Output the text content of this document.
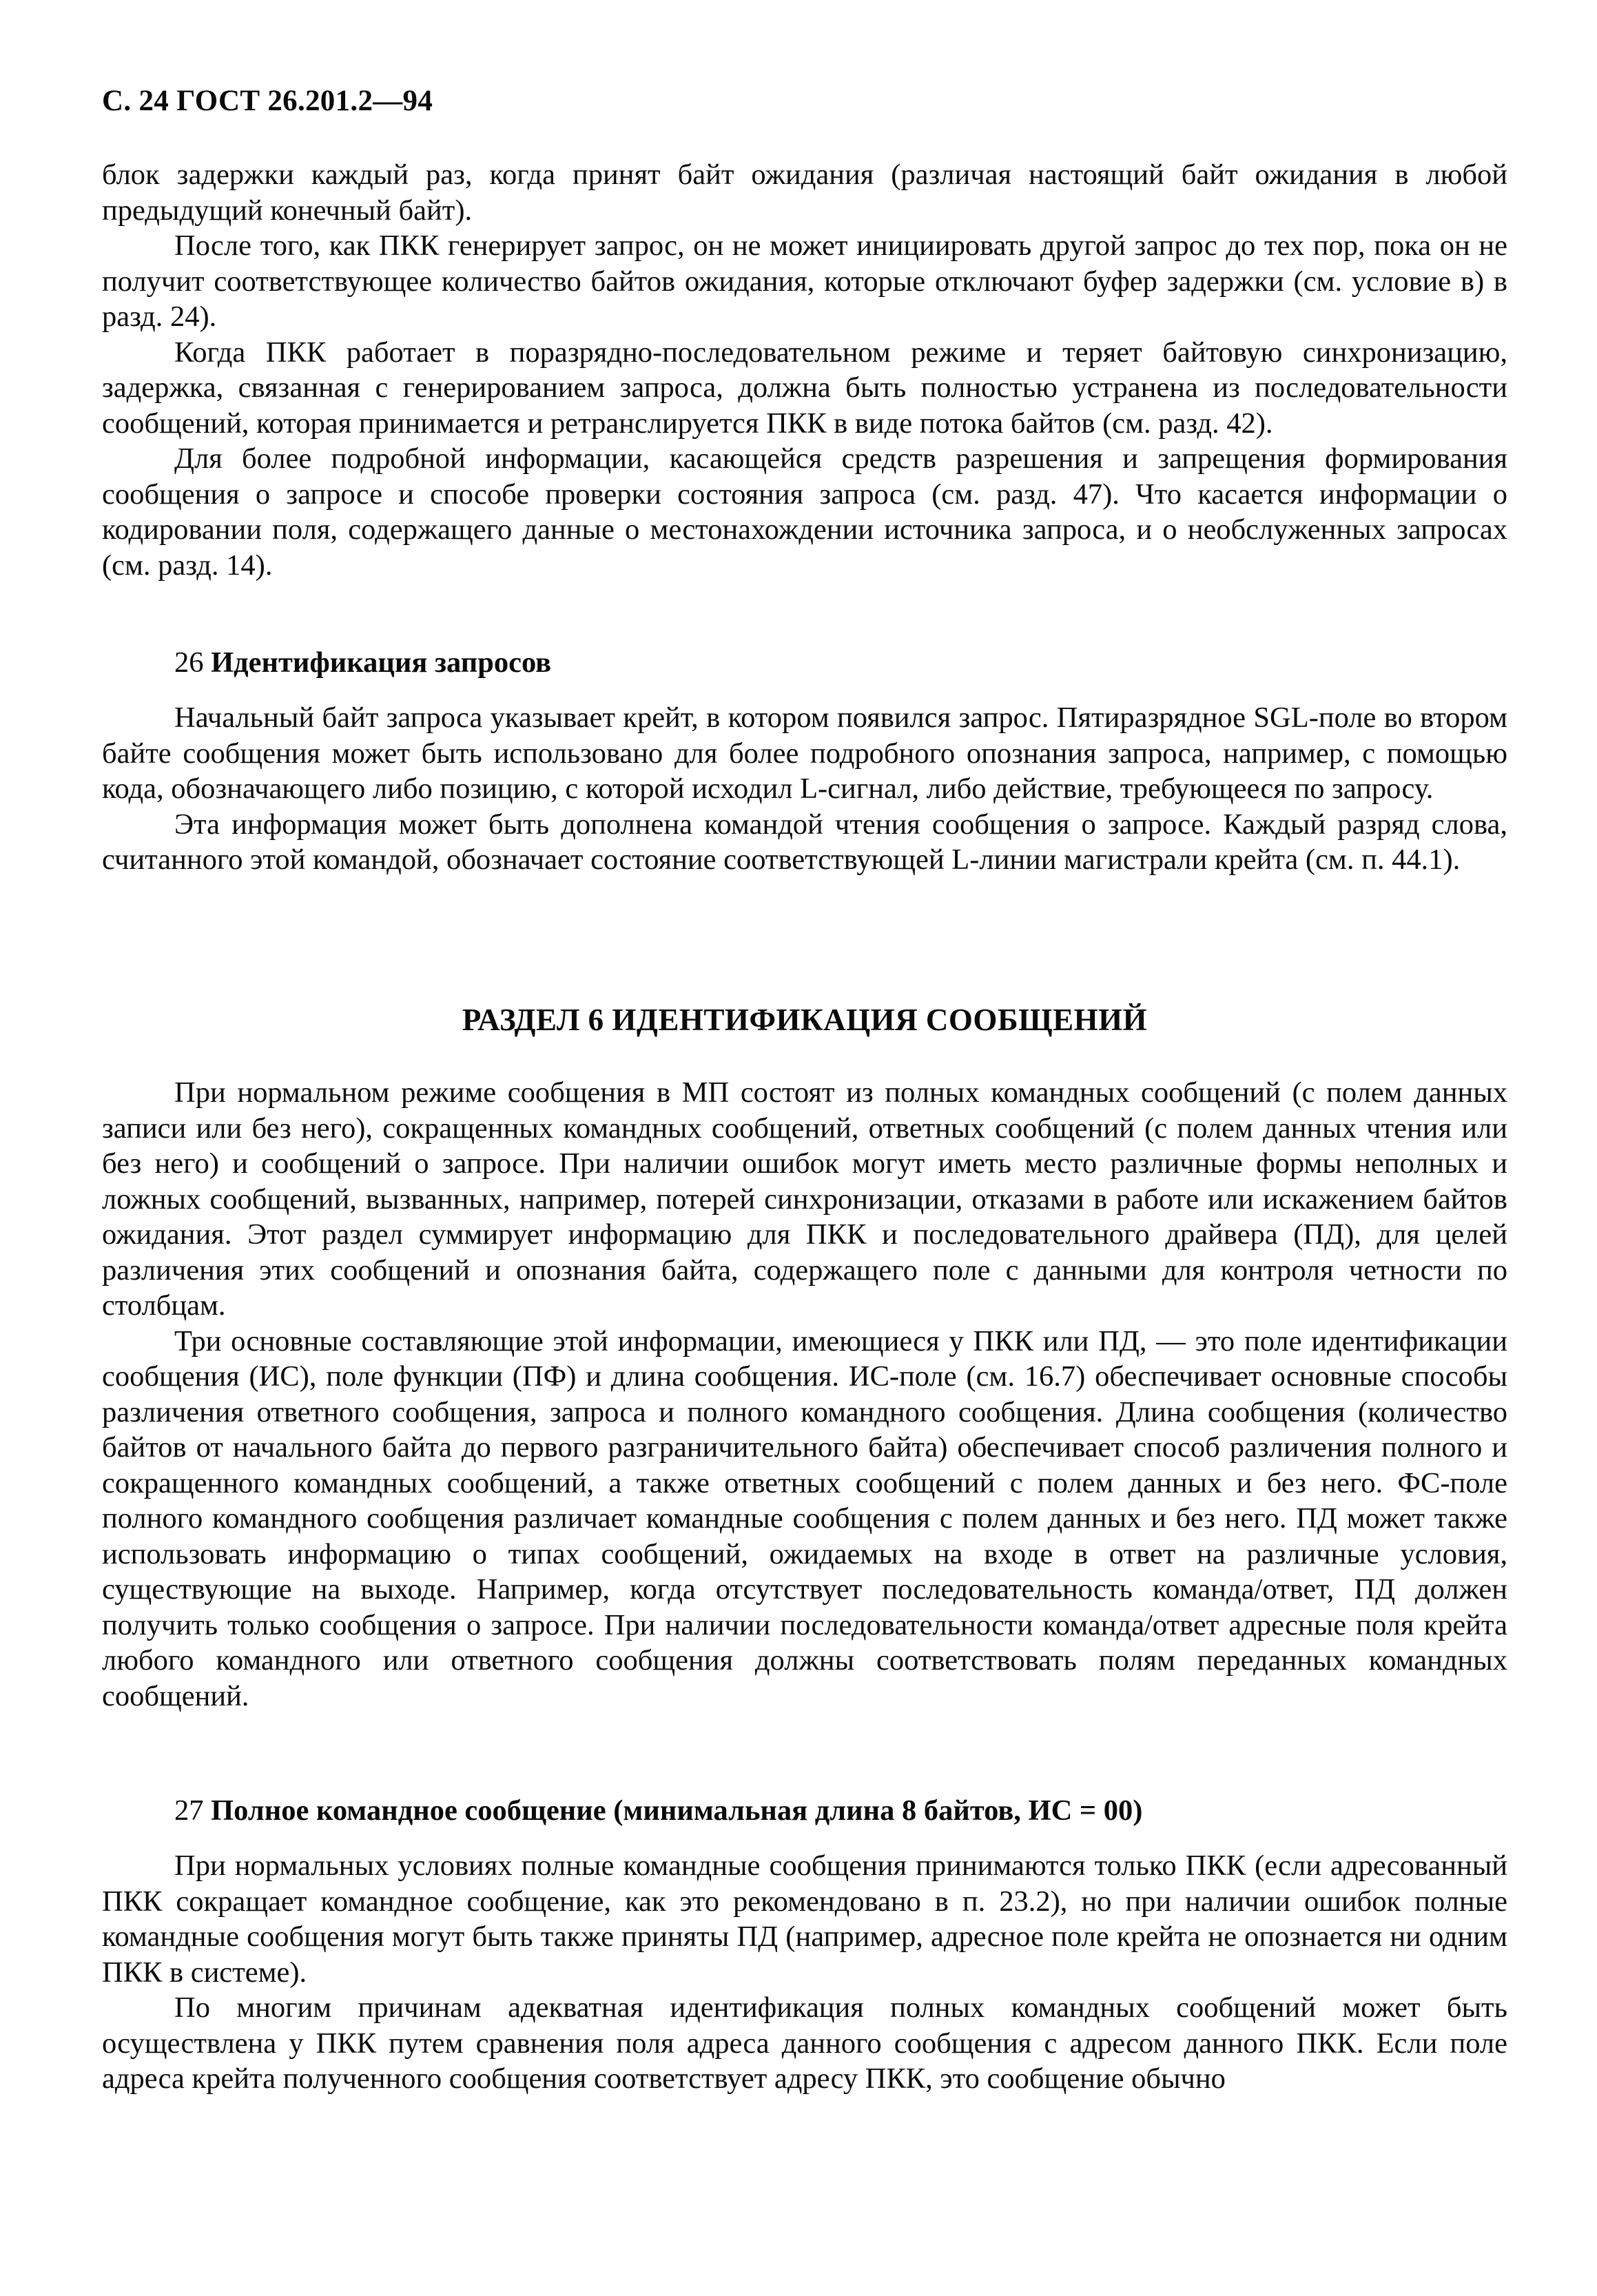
С. 24 ГОСТ 26.201.2—94

блок задержки каждый раз, когда принят байт ожидания (различая настоящий байт ожидания в любой предыдущий конечный байт).

После того, как ПКК генерирует запрос, он не может инициировать другой запрос до тех пор, пока он не получит соответствующее количество байтов ожидания, которые отключают буфер задержки (см. условие в) в разд. 24).

Когда ПКК работает в поразрядно-последовательном режиме и теряет байтовую синхронизацию, задержка, связанная с генерированием запроса, должна быть полностью устранена из последовательности сообщений, которая принимается и ретранслируется ПКК в виде потока байтов (см. разд. 42).

Для более подробной информации, касающейся средств разрешения и запрещения формирования сообщения о запросе и способе проверки состояния запроса (см. разд. 47). Что касается информации о кодировании поля, содержащего данные о местонахождении источника запроса, и о необслуженных запросах (см. разд. 14).

26 Идентификация запросов

Начальный байт запроса указывает крейт, в котором появился запрос. Пятиразрядное SGL-поле во втором байте сообщения может быть использовано для более подробного опознания запроса, например, с помощью кода, обозначающего либо позицию, с которой исходил L-сигнал, либо действие, требующееся по запросу.

Эта информация может быть дополнена командой чтения сообщения о запросе. Каждый разряд слова, считанного этой командой, обозначает состояние соответствующей L-линии магистрали крейта (см. п. 44.1).

РАЗДЕЛ 6 ИДЕНТИФИКАЦИЯ СООБЩЕНИЙ

При нормальном режиме сообщения в МП состоят из полных командных сообщений (с полем данных записи или без него), сокращенных командных сообщений, ответных сообщений (с полем данных чтения или без него) и сообщений о запросе. При наличии ошибок могут иметь место различные формы неполных и ложных сообщений, вызванных, например, потерей синхронизации, отказами в работе или искажением байтов ожидания. Этот раздел суммирует информацию для ПКК и последовательного драйвера (ПД), для целей различения этих сообщений и опознания байта, содержащего поле с данными для контроля четности по столбцам.

Три основные составляющие этой информации, имеющиеся у ПКК или ПД, — это поле идентификации сообщения (ИС), поле функции (ПФ) и длина сообщения. ИС-поле (см. 16.7) обеспечивает основные способы различения ответного сообщения, запроса и полного командного сообщения. Длина сообщения (количество байтов от начального байта до первого разграничительного байта) обеспечивает способ различения полного и сокращенного командных сообщений, а также ответных сообщений с полем данных и без него. ФС-поле полного командного сообщения различает командные сообщения с полем данных и без него. ПД может также использовать информацию о типах сообщений, ожидаемых на входе в ответ на различные условия, существующие на выходе. Например, когда отсутствует последовательность команда/ответ, ПД должен получить только сообщения о запросе. При наличии последовательности команда/ответ адресные поля крейта любого командного или ответного сообщения должны соответствовать полям переданных командных сообщений.

27 Полное командное сообщение (минимальная длина 8 байтов, ИС = 00)

При нормальных условиях полные командные сообщения принимаются только ПКК (если адресованный ПКК сокращает командное сообщение, как это рекомендовано в п. 23.2), но при наличии ошибок полные командные сообщения могут быть также приняты ПД (например, адресное поле крейта не опознается ни одним ПКК в системе).

По многим причинам адекватная идентификация полных командных сообщений может быть осуществлена у ПКК путем сравнения поля адреса данного сообщения с адресом данного ПКК. Если поле адреса крейта полученного сообщения соответствует адресу ПКК, это сообщение обычно
